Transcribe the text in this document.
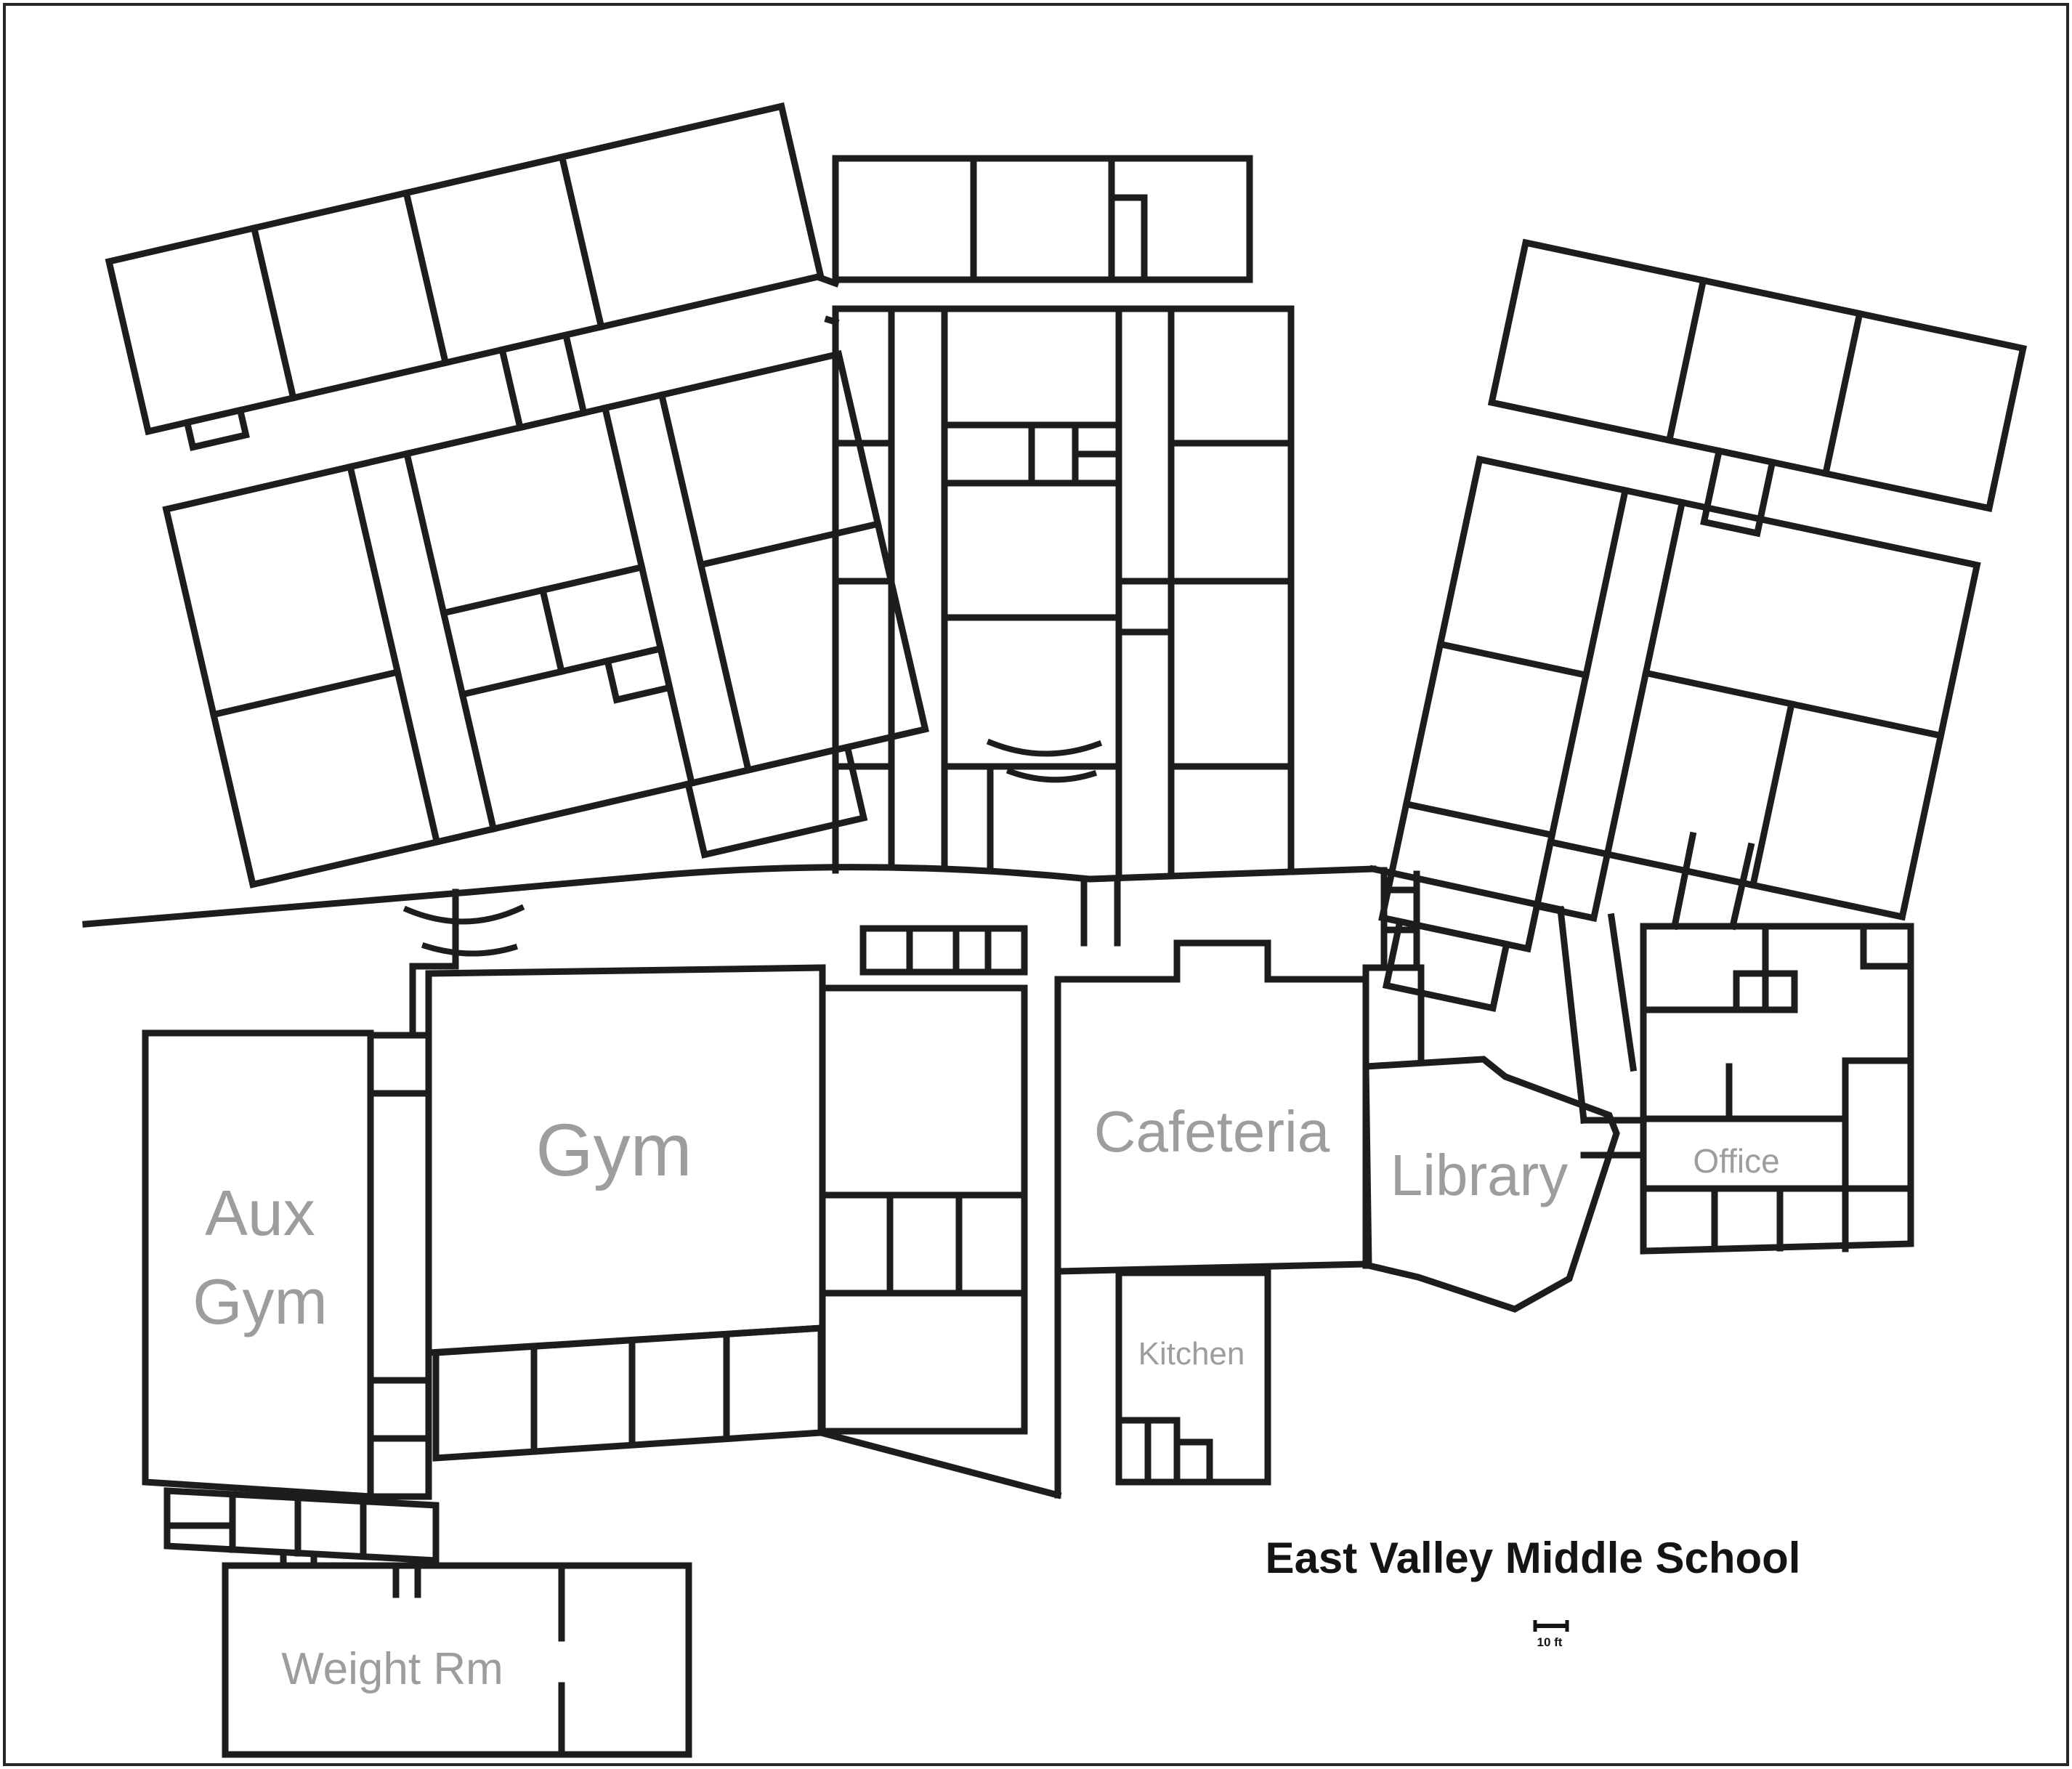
Aux
Gym
Gym	Cafeteria
Library	Office
Kitchen
Weight Rm
East Valley Middle School
10 ft
